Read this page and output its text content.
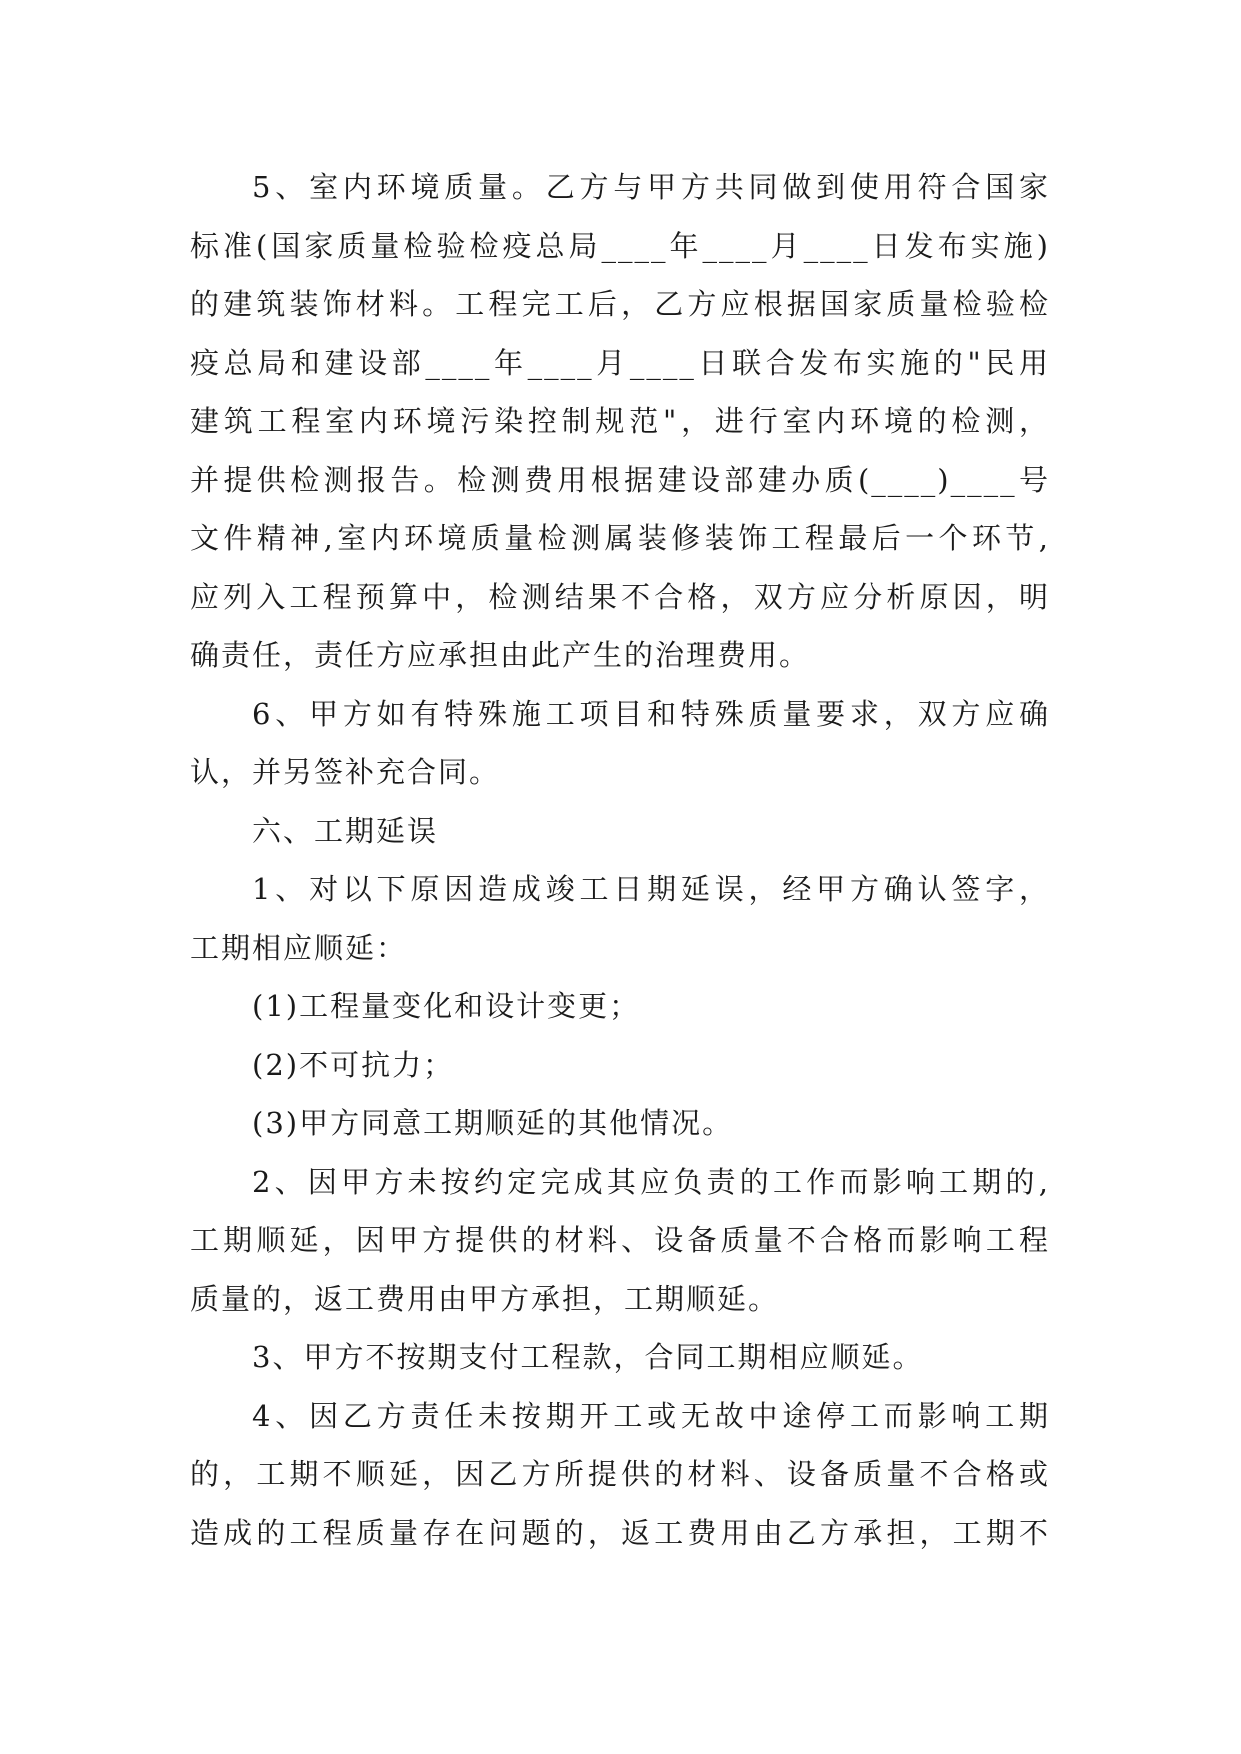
5、室内环境质量。乙方与甲方共同做到使用符合国家
标准(国家质量检验检疫总局____年____月____日发布实施)
的建筑装饰材料。工程完工后，乙方应根据国家质量检验检
疫总局和建设部____年____月____日联合发布实施的"民用
建筑工程室内环境污染控制规范"，进行室内环境的检测，
并提供检测报告。检测费用根据建设部建办质(____)____号
文件精神,室内环境质量检测属装修装饰工程最后一个环节,
应列入工程预算中，检测结果不合格，双方应分析原因，明
确责任，责任方应承担由此产生的治理费用。
6、甲方如有特殊施工项目和特殊质量要求，双方应确
认，并另签补充合同。
六、工期延误
1、对以下原因造成竣工日期延误，经甲方确认签字，
工期相应顺延：
(1)工程量变化和设计变更；
(2)不可抗力；
(3)甲方同意工期顺延的其他情况。
2、因甲方未按约定完成其应负责的工作而影响工期的,
工期顺延，因甲方提供的材料、设备质量不合格而影响工程
质量的，返工费用由甲方承担，工期顺延。
3、甲方不按期支付工程款，合同工期相应顺延。
4、因乙方责任未按期开工或无故中途停工而影响工期
的，工期不顺延，因乙方所提供的材料、设备质量不合格或
造成的工程质量存在问题的，返工费用由乙方承担，工期不
